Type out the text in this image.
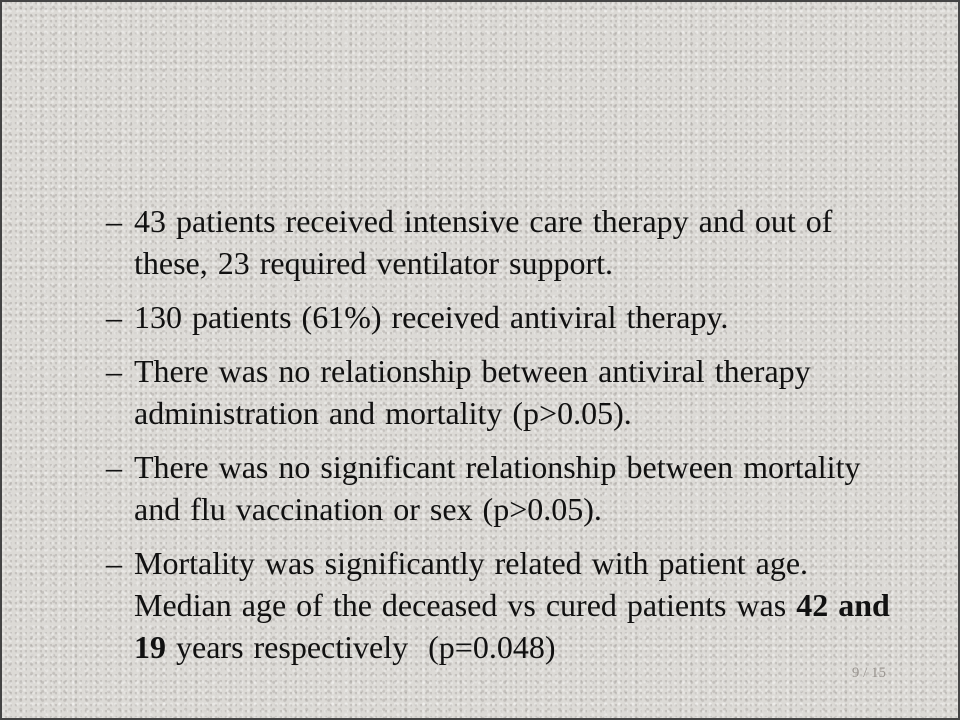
– 43 patients received intensive care therapy and out of these, 23 required ventilator support.
– 130 patients (61%) received antiviral therapy.
– There was no relationship between antiviral therapy administration and mortality (p>0.05).
– There was no significant relationship between mortality and flu vaccination or sex (p>0.05).
– Mortality was significantly related with patient age. Median age of the deceased vs cured patients was 42 and 19 years respectively  (p=0.048)
9 / 15
